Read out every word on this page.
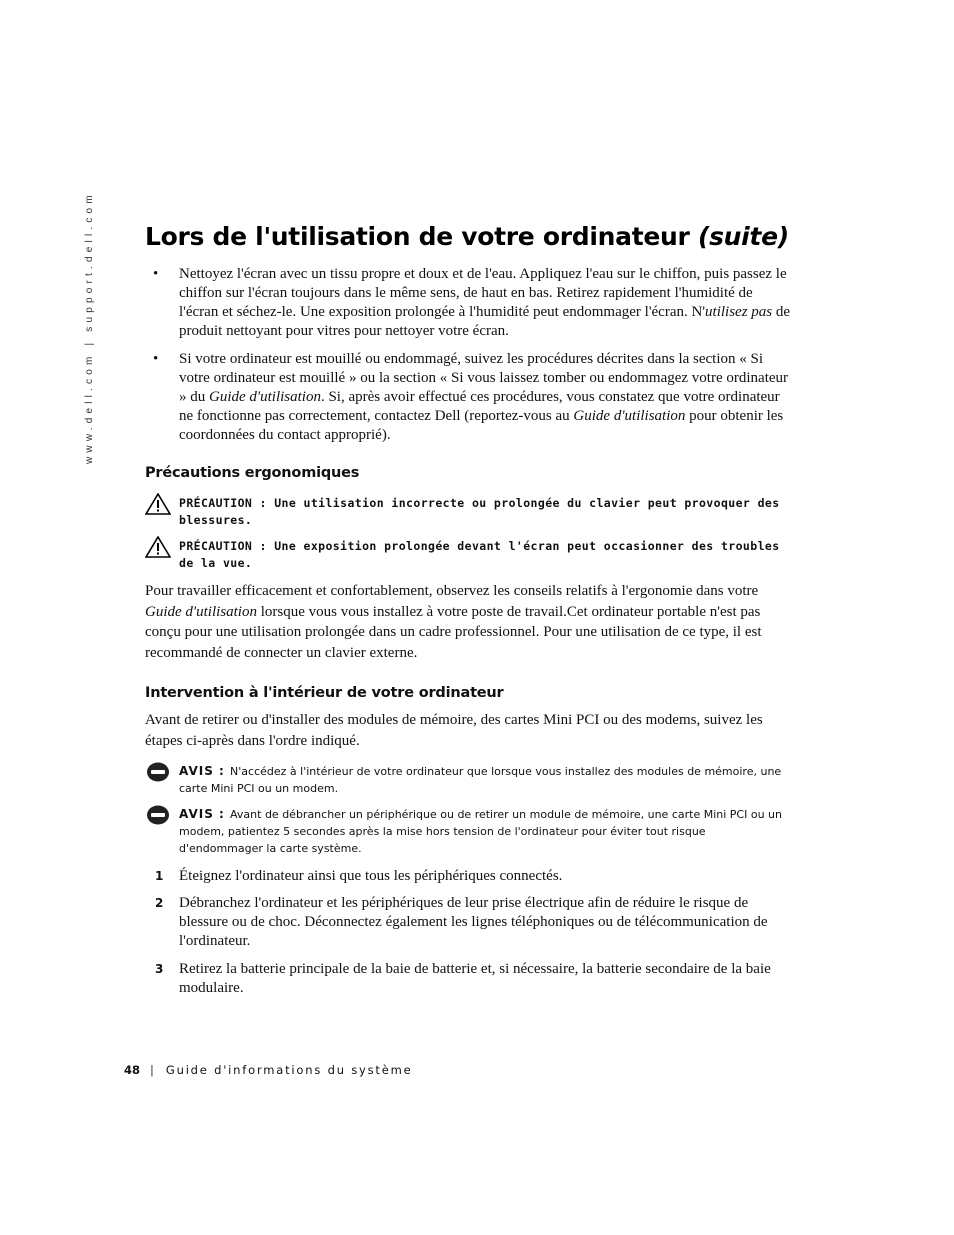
www.dell.com | support.dell.com Lors de l'utilisation de votre ordinateur (suite)
• Nettoyez l'écran avec un tissu propre et doux et de l'eau. Appliquez l'eau sur le chiffon, puis passez le chiffon sur l'écran toujours dans le même sens, de haut en bas. Retirez rapidement l'humidité de l'écran et séchez-le. Une exposition prolongée à l'humidité peut endommager l'écran. N'utilisez pas de produit nettoyant pour vitres pour nettoyer votre écran.
• Si votre ordinateur est mouillé ou endommagé, suivez les procédures décrites dans la section « Si votre ordinateur est mouillé » ou la section « Si vous laissez tomber ou endommagez votre ordinateur » du Guide d'utilisation. Si, après avoir effectué ces procédures, vous constatez que votre ordinateur ne fonctionne pas correctement, contactez Dell (reportez-vous au Guide d'utilisation pour obtenir les coordonnées du contact approprié).
Précautions ergonomiques
PRÉCAUTION : Une utilisation incorrecte ou prolongée du clavier peut provoquer des blessures.
PRÉCAUTION : Une exposition prolongée devant l'écran peut occasionner des troubles de la vue.
Pour travailler efficacement et confortablement, observez les conseils relatifs à l'ergonomie dans votre Guide d'utilisation lorsque vous vous installez à votre poste de travail.Cet ordinateur portable n'est pas conçu pour une utilisation prolongée dans un cadre professionnel. Pour une utilisation de ce type, il est recommandé de connecter un clavier externe.
Intervention à l'intérieur de votre ordinateur
Avant de retirer ou d'installer des modules de mémoire, des cartes Mini PCI ou des modems, suivez les étapes ci-après dans l'ordre indiqué.
AVIS : N'accédez à l'intérieur de votre ordinateur que lorsque vous installez des modules de mémoire, une carte Mini PCI ou un modem.
AVIS : Avant de débrancher un périphérique ou de retirer un module de mémoire, une carte Mini PCI ou un modem, patientez 5 secondes après la mise hors tension de l'ordinateur pour éviter tout risque d'endommager la carte système.
1 Éteignez l'ordinateur ainsi que tous les périphériques connectés.
2 Débranchez l'ordinateur et les périphériques de leur prise électrique afin de réduire le risque de blessure ou de choc. Déconnectez également les lignes téléphoniques ou de télécommunication de l'ordinateur.
3 Retirez la batterie principale de la baie de batterie et, si nécessaire, la batterie secondaire de la baie modulaire.
48 | Guide d'informations du système
